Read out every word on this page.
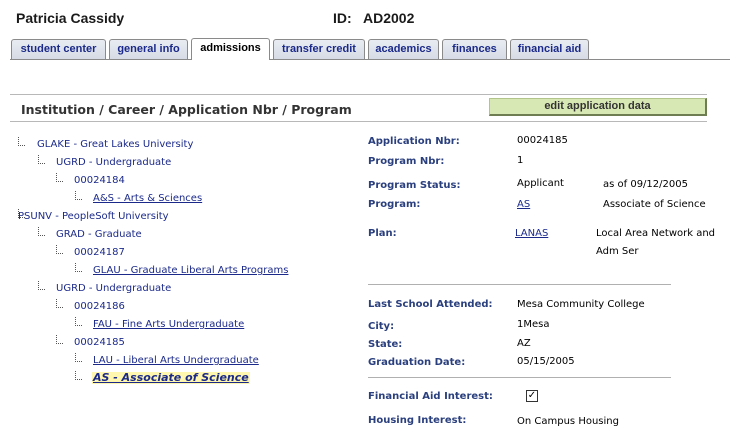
Patricia Cassidy	ID: AD2002
student center	general info	admissions	transfer credit	academics	finances	financial aid
Institution / Career / Application Nbr / Program	edit application data
GLAKE - Great Lakes University
UGRD - Undergraduate
00024184
A&S - Arts & Sciences
PSUNV - PeopleSoft University
GRAD - Graduate
00024187
GLAU - Graduate Liberal Arts Programs
UGRD - Undergraduate
00024186
FAU - Fine Arts Undergraduate
00024185
LAU - Liberal Arts Undergraduate
AS - Associate of Science
Application Nbr:	00024185
Program Nbr:	1
Program Status:	Applicant	as of 09/12/2005
Program:	AS	Associate of Science
Plan:	LANAS	Local Area Network and
Adm Ser
Last School Attended: Mesa Community College
City:	1Mesa
State:	AZ
Graduation Date:	05/15/2005
Financial Aid Interest:	✓
Housing Interest:	On Campus Housing
